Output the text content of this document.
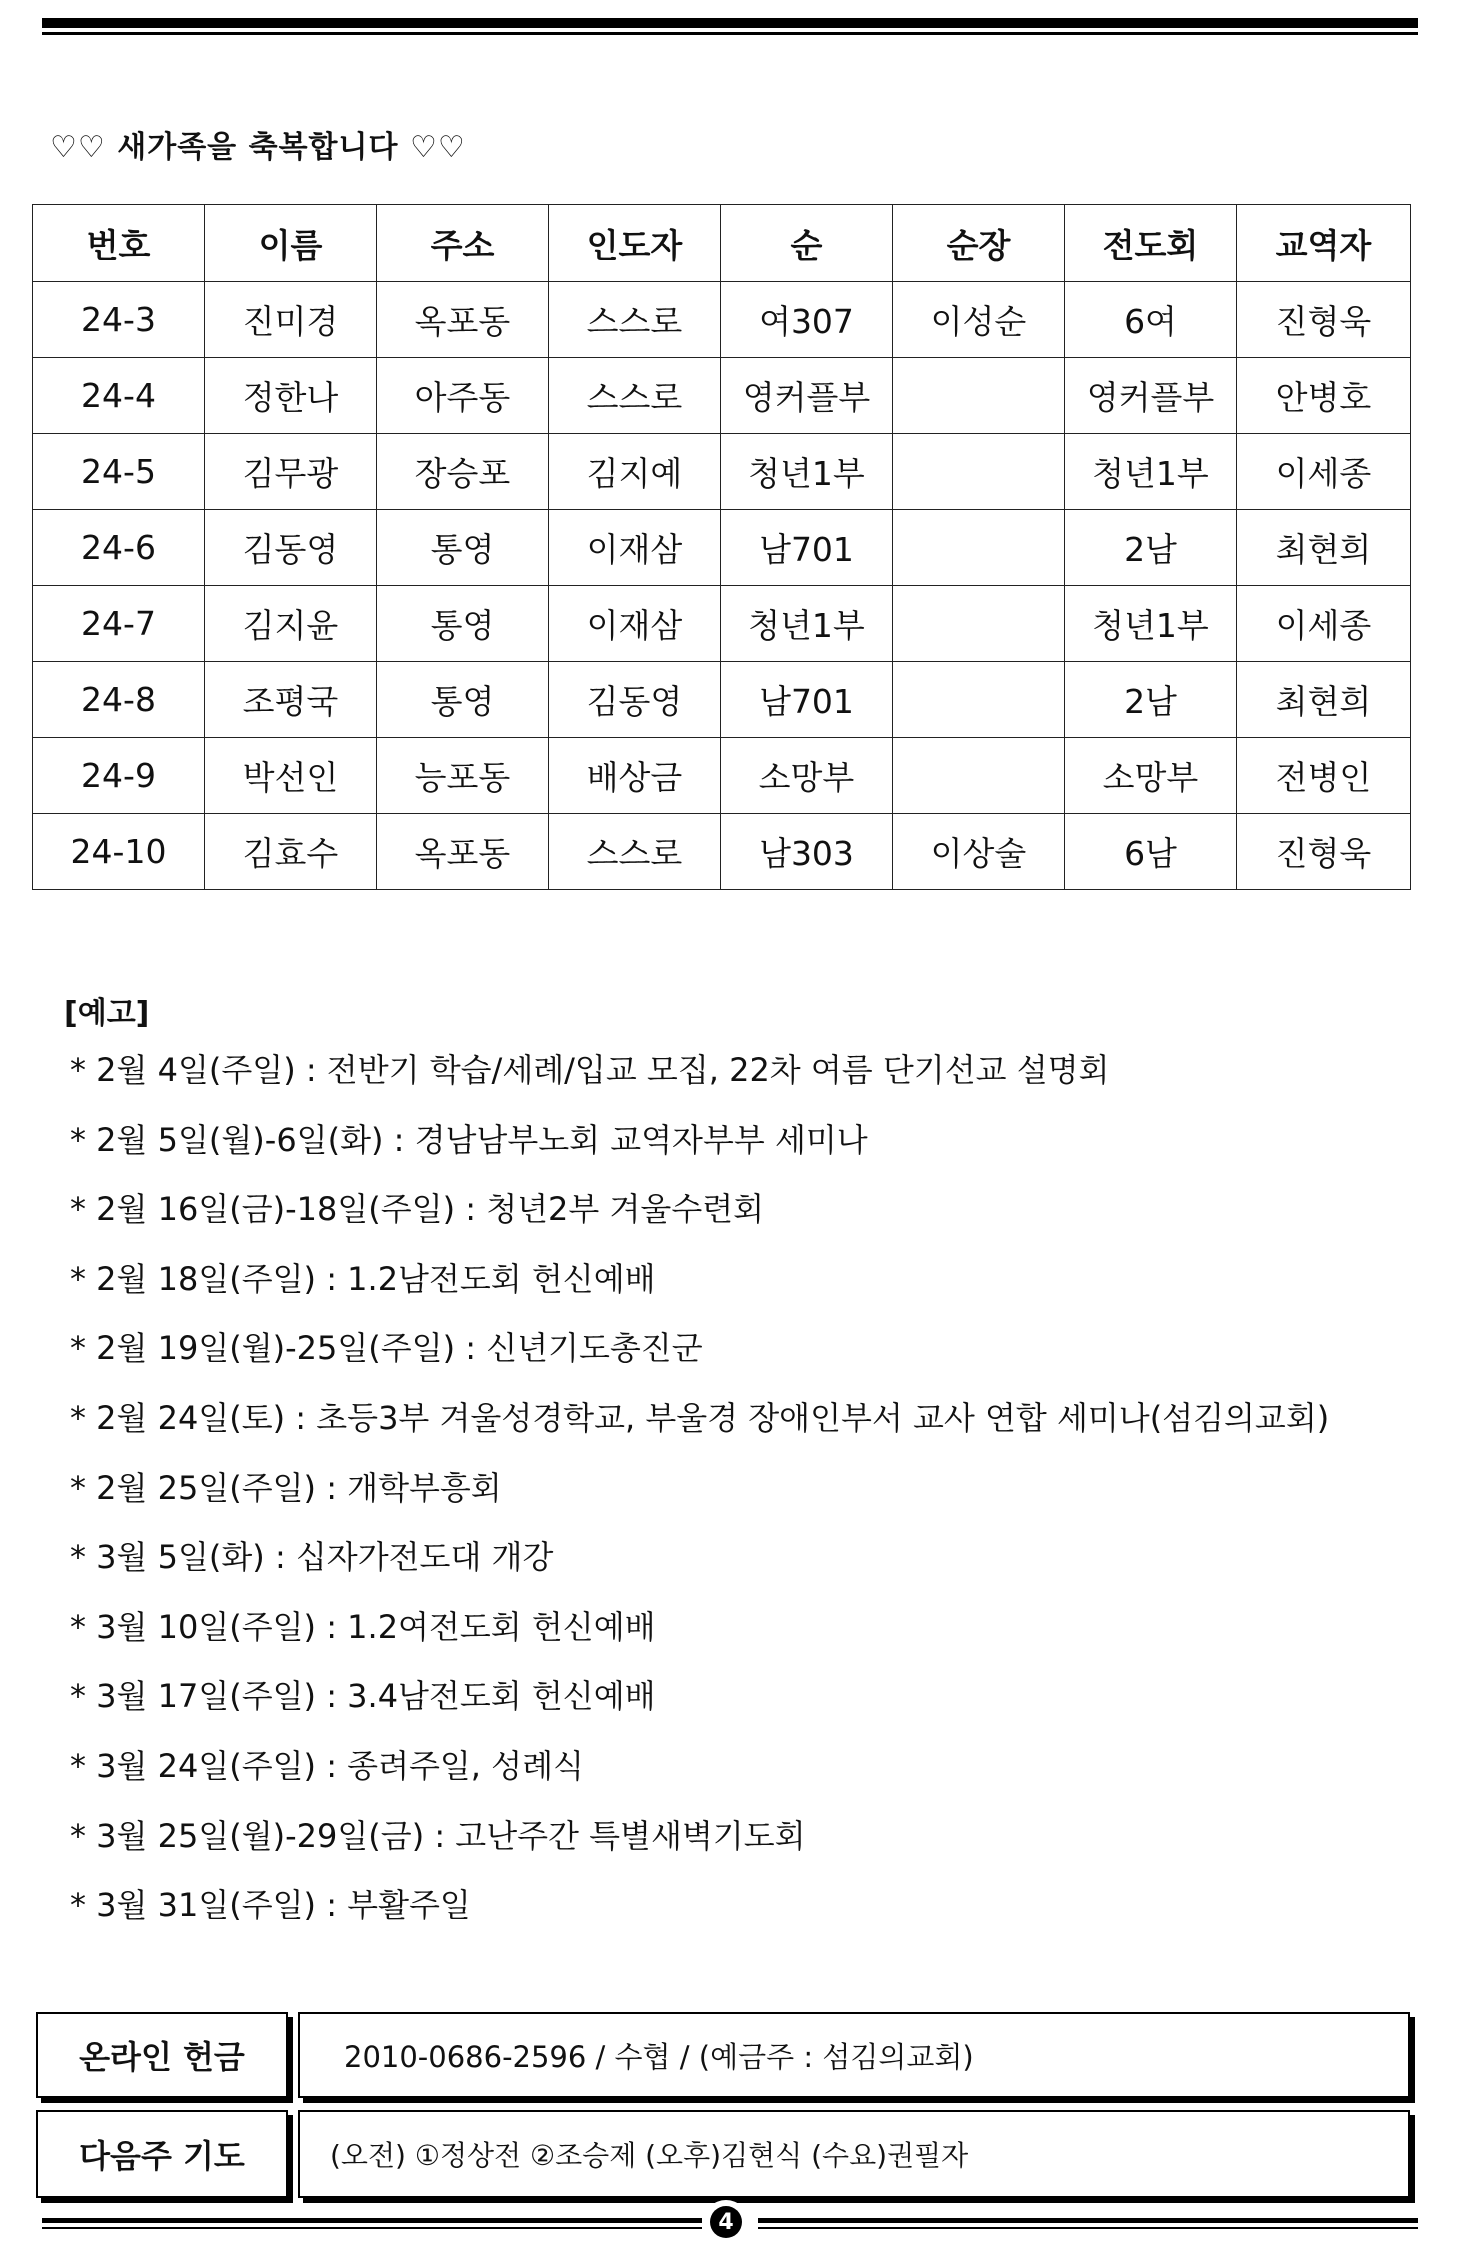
♡♡ 새가족을 축복합니다 ♡♡
번호	이름	주소	인도자	순	순장	전도회	교역자
24-3	진미경	옥포동	스스로	여307	이성순	6여	진형욱
24-4	정한나	아주동	스스로	영커플부		영커플부	안병호
24-5	김무광	장승포	김지예	청년1부		청년1부	이세종
24-6	김동영	통영	이재삼	남701		2남	최현희
24-7	김지윤	통영	이재삼	청년1부		청년1부	이세종
24-8	조평국	통영	김동영	남701		2남	최현희
24-9	박선인	능포동	배상금	소망부		소망부	전병인
24-10	김효수	옥포동	스스로	남303	이상술	6남	진형욱
[예고]
* 2월 4일(주일) : 전반기 학습/세례/입교 모집, 22차 여름 단기선교 설명회
* 2월 5일(월)-6일(화) : 경남남부노회 교역자부부 세미나
* 2월 16일(금)-18일(주일) : 청년2부 겨울수련회
* 2월 18일(주일) : 1.2남전도회 헌신예배
* 2월 19일(월)-25일(주일) : 신년기도총진군
* 2월 24일(토) : 초등3부 겨울성경학교, 부울경 장애인부서 교사 연합 세미나(섬김의교회)
* 2월 25일(주일) : 개학부흥회
* 3월 5일(화) : 십자가전도대 개강
* 3월 10일(주일) : 1.2여전도회 헌신예배
* 3월 17일(주일) : 3.4남전도회 헌신예배
* 3월 24일(주일) : 종려주일, 성례식
* 3월 25일(월)-29일(금) : 고난주간 특별새벽기도회
* 3월 31일(주일) : 부활주일
온라인 헌금	2010-0686-2596 / 수협 / (예금주 : 섬김의교회)
다음주 기도	(오전) ①정상전 ②조승제 (오후)김현식 (수요)권필자
4
